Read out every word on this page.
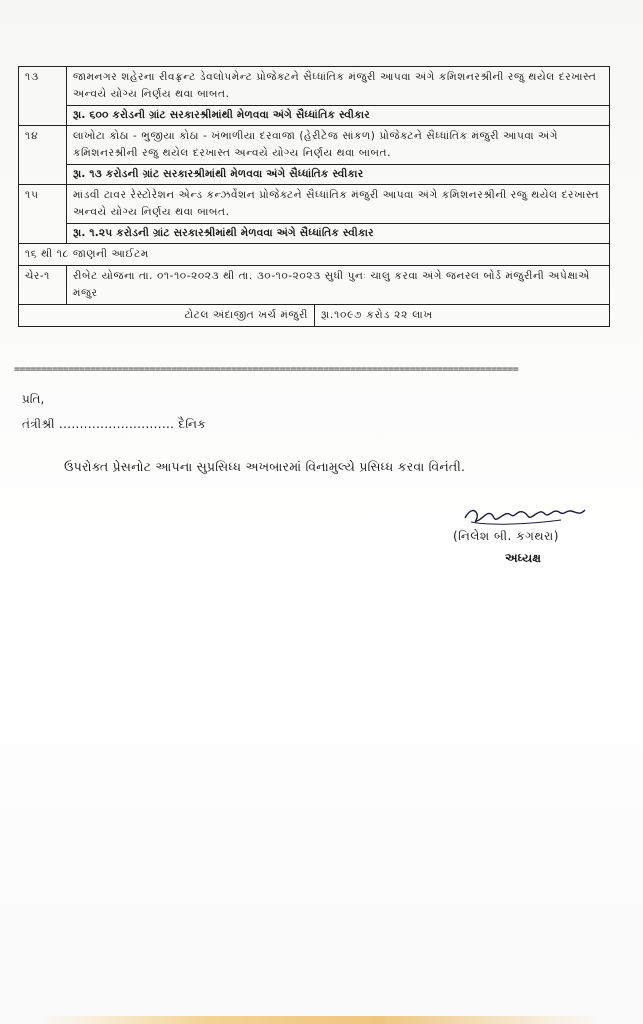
૧૩	જામનગર શહેરના રીવફ્રન્ટ ડેવલોપમેન્ટ પ્રોજેક્ટને સૈધ્ધાંતિક મંજુરી આપવા અંગે કમિશનરશ્રીની રજુ થયેલ દરખાસ્ત અન્વયે યોગ્ય નિર્ણય થવા બાબત.
રૂા. ૬૦૦ કરોડની ગ્રાંટ સરકારશ્રીમાંથી મેળવવા અંગે સૈધ્ધાંતિક સ્વીકાર
૧૪	લાખોટા કોઠા - ભુજીયા કોઠા - ખંભાળીયા દરવાજા (હેરીટેજ સાંકળ) પ્રોજેક્ટને સૈધ્ધાંતિક મંજુરી આપવા અંગે કમિશનરશ્રીની રજુ થયેલ દરખાસ્ત અન્વયે યોગ્ય નિર્ણય થવા બાબત.
રૂા. ૧૩ કરોડની ગ્રાંટ સરકારશ્રીમાંથી મેળવવા અંગે સૈધ્ધાંતિક સ્વીકાર
૧૫	માંડવી ટાવર રેસ્ટોરેશન એન્ડ કન્ઝર્વેશન પ્રોજેક્ટને સૈધ્ધાંતિક મંજુરી આપવા અંગે કમિશનરશ્રીની રજુ થયેલ દરખાસ્ત અન્વયે યોગ્ય નિર્ણય થવા બાબત.
રૂા. ૧.૨૫ કરોડની ગ્રાંટ સરકારશ્રીમાંથી મેળવવા અંગે સૈધ્ધાંતિક સ્વીકાર
૧૬ થી ૧૮ જાણની આઈટમ
ચેર-૧	રીબેટ યોજના તા. ૦૧-૧૦-૨૦૨૩ થી તા. ૩૦-૧૦-૨૦૨૩ સુધી પુનઃ ચાલુ કરવા અંગે જનરલ બોર્ડ મંજુરીની અપેક્ષાએ મંજુર
ટોટલ અંદાજીત ખર્ચ મંજુરી	રૂા.૧૦૯૭ કરોડ ૨૨ લાખ
=============================================================================================
પ્રતિ,
તંત્રીશ્રી ............................ દૈનિક
ઉપરોક્ત પ્રેસનોટ આપના સુપ્રસિધ્ધ અખબારમાં વિનામુલ્યે પ્રસિધ્ધ કરવા વિનંતી.
(નિલેશ બી. કગથરા)
અધ્યક્ષ
